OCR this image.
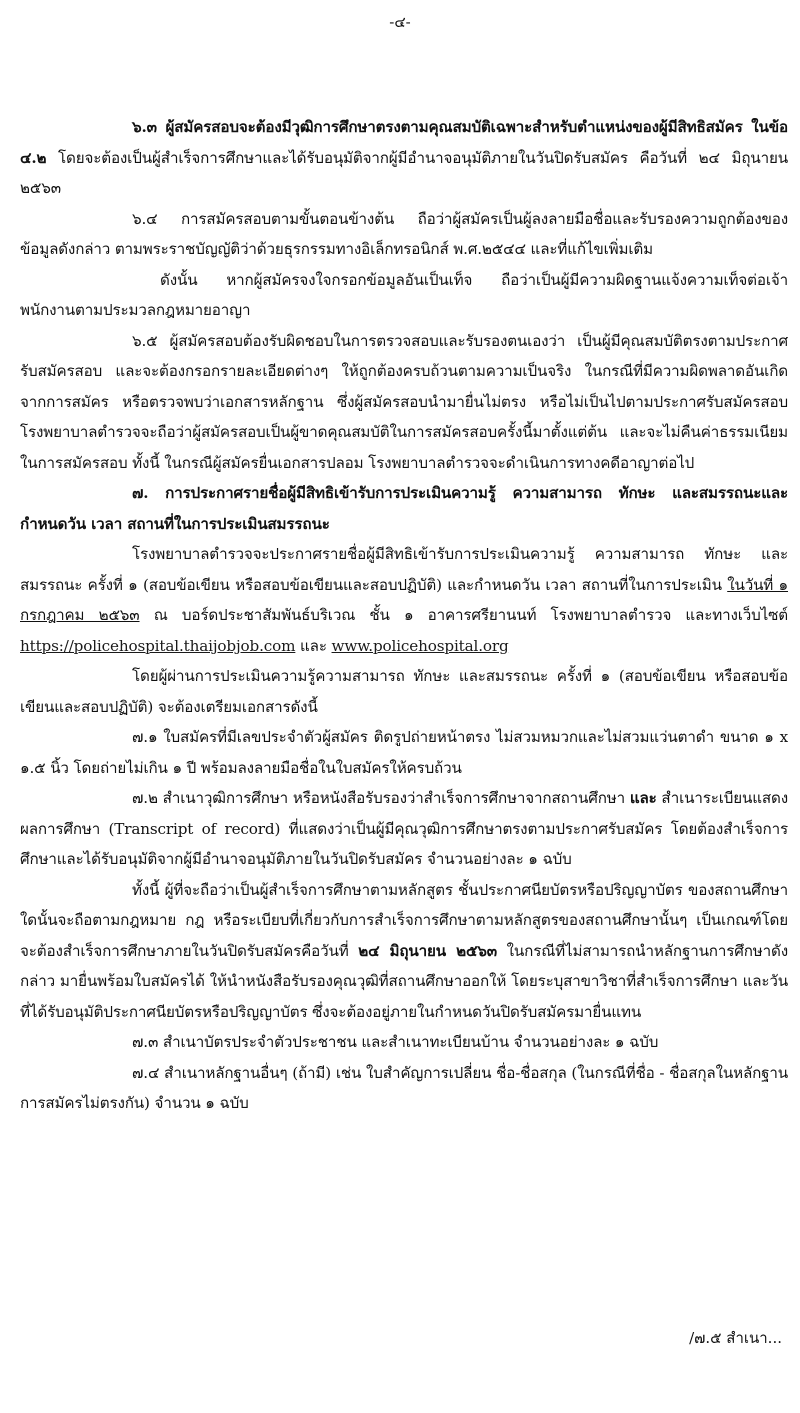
-๔-

๖.๓ ผู้สมัครสอบจะต้องมีวุฒิการศึกษาตรงตามคุณสมบัติเฉพาะสำหรับตำแหน่งของผู้มีสิทธิสมัคร ในข้อ ๔.๒ โดยจะต้องเป็นผู้สำเร็จการศึกษาและได้รับอนุมัติจากผู้มีอำนาจอนุมัติภายในวันปิดรับสมัคร คือวันที่ ๒๔ มิถุนายน ๒๕๖๓

๖.๔ การสมัครสอบตามขั้นตอนข้างต้น ถือว่าผู้สมัครเป็นผู้ลงลายมือชื่อและรับรองความถูกต้องของข้อมูลดังกล่าว ตามพระราชบัญญัติว่าด้วยธุรกรรมทางอิเล็กทรอนิกส์ พ.ศ.๒๕๔๔ และที่แก้ไขเพิ่มเติม

ดังนั้น หากผู้สมัครจงใจกรอกข้อมูลอันเป็นเท็จ ถือว่าเป็นผู้มีความผิดฐานแจ้งความเท็จต่อเจ้าพนักงานตามประมวลกฎหมายอาญา

๖.๕ ผู้สมัครสอบต้องรับผิดชอบในการตรวจสอบและรับรองตนเองว่า เป็นผู้มีคุณสมบัติตรงตามประกาศรับสมัครสอบ และจะต้องกรอกรายละเอียดต่างๆ ให้ถูกต้องครบถ้วนตามความเป็นจริง ในกรณีที่มีความผิดพลาดอันเกิดจากการสมัคร หรือตรวจพบว่าเอกสารหลักฐาน ซึ่งผู้สมัครสอบนำมายื่นไม่ตรง หรือไม่เป็นไปตามประกาศรับสมัครสอบ โรงพยาบาลตำรวจจะถือว่าผู้สมัครสอบเป็นผู้ขาดคุณสมบัติในการสมัครสอบครั้งนี้มาตั้งแต่ต้น และจะไม่คืนค่าธรรมเนียมในการสมัครสอบ ทั้งนี้ ในกรณีผู้สมัครยื่นเอกสารปลอม โรงพยาบาลตำรวจจะดำเนินการทางคดีอาญาต่อไป

๗. การประกาศรายชื่อผู้มีสิทธิเข้ารับการประเมินความรู้ ความสามารถ ทักษะ และสมรรถนะและกำหนดวัน เวลา สถานที่ในการประเมินสมรรถนะ

โรงพยาบาลตำรวจจะประกาศรายชื่อผู้มีสิทธิเข้ารับการประเมินความรู้ ความสามารถ ทักษะ และสมรรถนะ ครั้งที่ ๑ (สอบข้อเขียน หรือสอบข้อเขียนและสอบปฏิบัติ) และกำหนดวัน เวลา สถานที่ในการประเมิน ในวันที่ ๑ กรกฎาคม ๒๕๖๓ ณ บอร์ดประชาสัมพันธ์บริเวณ ชั้น ๑ อาคารศรียานนท์ โรงพยาบาลตำรวจ และทางเว็บไซต์ https://policehospital.thaijobjob.com และ www.policehospital.org

โดยผู้ผ่านการประเมินความรู้ความสามารถ ทักษะ และสมรรถนะ ครั้งที่ ๑ (สอบข้อเขียน หรือสอบข้อเขียนและสอบปฏิบัติ) จะต้องเตรียมเอกสารดังนี้

๗.๑ ใบสมัครที่มีเลขประจำตัวผู้สมัคร ติดรูปถ่ายหน้าตรง ไม่สวมหมวกและไม่สวมแว่นตาดำ ขนาด ๑ x ๑.๕ นิ้ว โดยถ่ายไม่เกิน ๑ ปี พร้อมลงลายมือชื่อในใบสมัครให้ครบถ้วน

๗.๒ สำเนาวุฒิการศึกษา หรือหนังสือรับรองว่าสำเร็จการศึกษาจากสถานศึกษา และ สำเนาระเบียนแสดงผลการศึกษา (Transcript of record) ที่แสดงว่าเป็นผู้มีคุณวุฒิการศึกษาตรงตามประกาศรับสมัคร โดยต้องสำเร็จการศึกษาและได้รับอนุมัติจากผู้มีอำนาจอนุมัติภายในวันปิดรับสมัคร จำนวนอย่างละ ๑ ฉบับ

ทั้งนี้ ผู้ที่จะถือว่าเป็นผู้สำเร็จการศึกษาตามหลักสูตร ชั้นประกาศนียบัตรหรือปริญญาบัตร ของสถานศึกษาใดนั้นจะถือตามกฎหมาย กฎ หรือระเบียบที่เกี่ยวกับการสำเร็จการศึกษาตามหลักสูตรของสถานศึกษานั้นๆ เป็นเกณฑ์โดยจะต้องสำเร็จการศึกษาภายในวันปิดรับสมัครคือวันที่ ๒๔ มิถุนายน ๒๕๖๓ ในกรณีที่ไม่สามารถนำหลักฐานการศึกษาดังกล่าว มายื่นพร้อมใบสมัครได้ ให้นำหนังสือรับรองคุณวุฒิที่สถานศึกษาออกให้ โดยระบุสาขาวิชาที่สำเร็จการศึกษา และวันที่ได้รับอนุมัติประกาศนียบัตรหรือปริญญาบัตร ซึ่งจะต้องอยู่ภายในกำหนดวันปิดรับสมัครมายื่นแทน

๗.๓ สำเนาบัตรประจำตัวประชาชน และสำเนาทะเบียนบ้าน จำนวนอย่างละ ๑ ฉบับ

๗.๔ สำเนาหลักฐานอื่นๆ (ถ้ามี) เช่น ใบสำคัญการเปลี่ยน ชื่อ-ชื่อสกุล (ในกรณีที่ชื่อ - ชื่อสกุลในหลักฐานการสมัครไม่ตรงกัน) จำนวน ๑ ฉบับ

/๗.๕ สำเนา...
